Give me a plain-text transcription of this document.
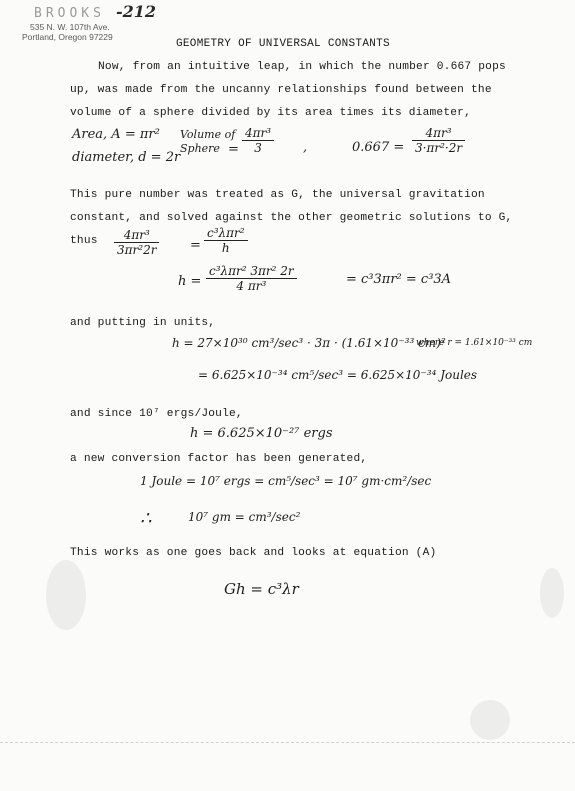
BROOKS -212
535 N. W. 107th Ave.
Portland, Oregon 97229
GEOMETRY OF UNIVERSAL CONSTANTS
Now, from an intuitive leap, in which the number 0.667 pops up, was made from the uncanny relationships found between the volume of a sphere divided by its area times its diameter,
Area, A = πr²
diameter, d = 2r
Volume of Sphere = $\frac{\text{4πr³}}{3}$ ,	$0.667 = \frac{\text{4πr³}}{\text{3·πr²·2r}}$
This pure number was treated as G, the universal gravitation constant, and solved against the other geometric solutions to G, thus	$\frac{\text{4πr³}}{\text{3πr²2r}}$ =
c³λπr²
h
h =
c³λπr² 3πr² 2r
4 πr³	= c³3πr² = c³3A
and putting in units,
h = 27×10³⁰ cm³/sec³ · 3π · (1.61×10⁻³³ cm)²
where r = 1.61×10⁻³³ cm
= 6.625×10⁻³⁴ cm⁵/sec³ = 6.625×10⁻³⁴ Joules
and since 10⁷ ergs/Joule,
h = 6.625×10⁻²⁷ ergs
a new conversion factor has been generated,
1 Joule = 10⁷ ergs = cm⁵/sec³ = 10⁷ gm·cm²/sec
∴	10⁷ gm = cm³/sec²
This works as one goes back and looks at equation (A)
Gh = c³λr
